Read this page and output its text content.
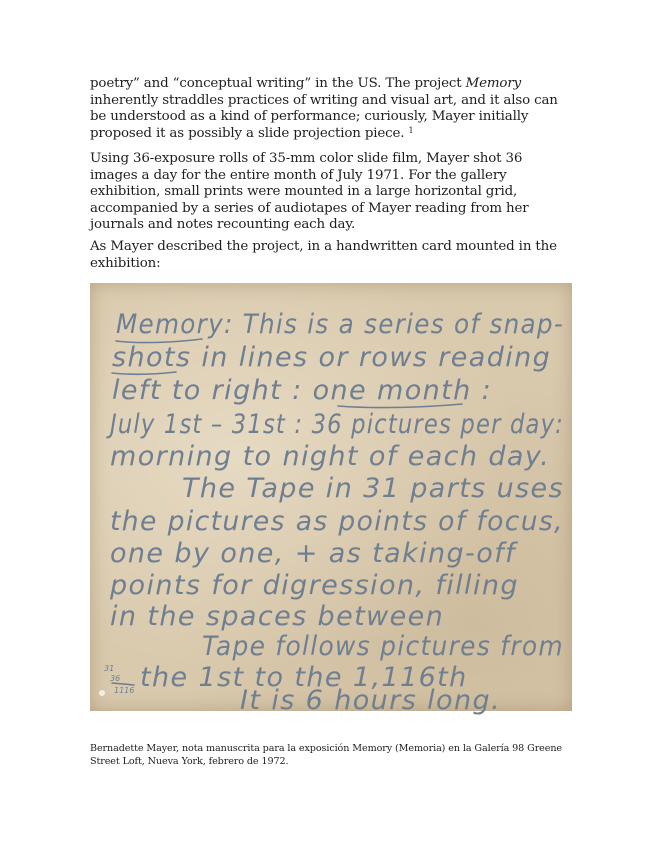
poetry” and “conceptual writing” in the US. The project Memory inherently straddles practices of writing and visual art, and it also can be understood as a kind of performance; curiously, Mayer initially proposed it as possibly a slide projection piece. $^1$

Using 36-exposure rolls of 35-mm color slide film, Mayer shot 36 images a day for the entire month of July 1971. For the gallery exhibition, small prints were mounted in a large horizontal grid, accompanied by a series of audiotapes of Mayer reading from her journals and notes recounting each day.

As Mayer described the project, in a handwritten card mounted in the exhibition:

Memory: This is a series of snap-
shots in lines or rows reading
left to right : one month :
July 1st – 31st : 36 pictures per day:
morning to night of each day.
The Tape in 31 parts uses
the pictures as points of focus,
one by one, + as taking-off
points for digression, filling
in the spaces between
Tape follows pictures from
the 1st to the 1,116th
It is 6 hours long.
31
36
1116

Bernadette Mayer, nota manuscrita para la exposición Memory (Memoria) en la Galería 98 Greene Street Loft, Nueva York, febrero de 1972.
